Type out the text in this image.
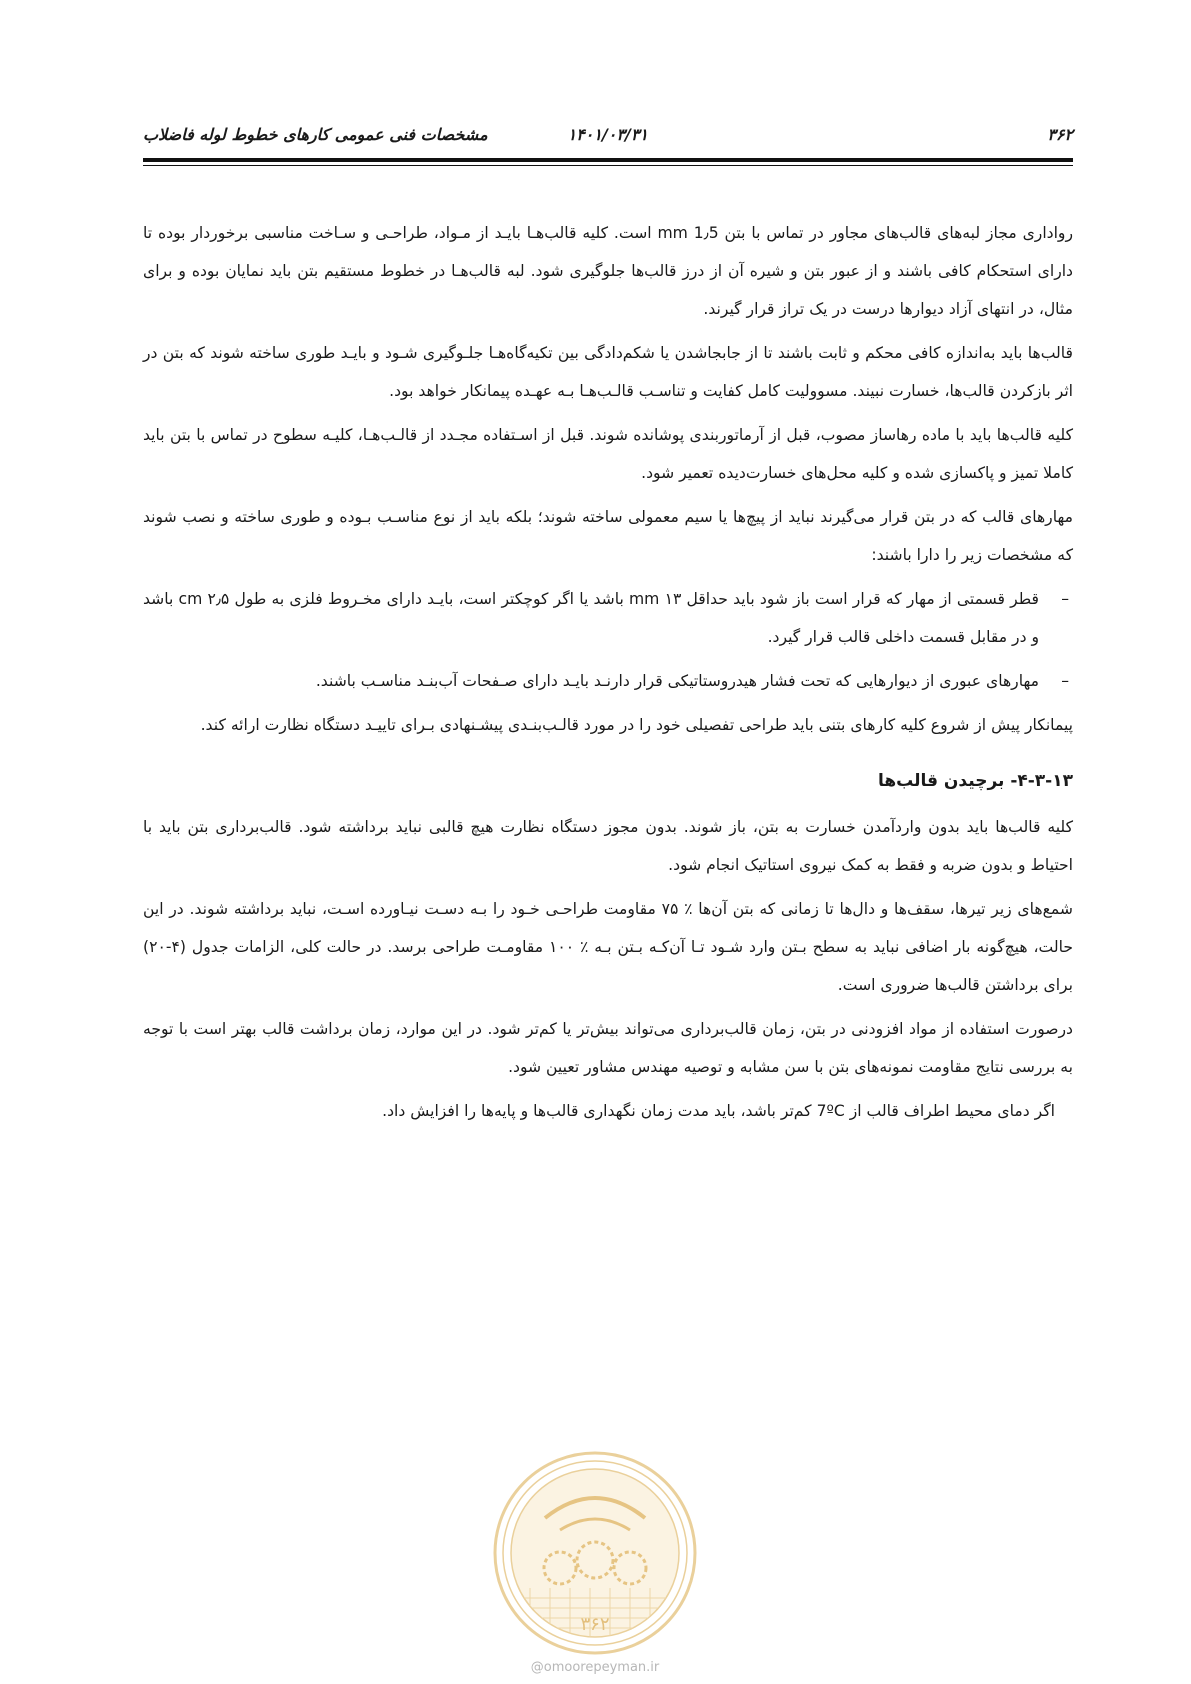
۳۶۲
۱۴۰۱/۰۳/۳۱
مشخصات فنی عمومی کارهای خطوط لوله فاضلاب

رواداری مجاز لبه‌های قالب‌های مجاور در تماس با بتن 1٫5 mm است. کلیه قالب‌هـا بایـد از مـواد، طراحـی و سـاخت مناسبی برخوردار بوده تا دارای استحکام کافی باشند و از عبور بتن و شیره آن از درز قالب‌ها جلوگیری شود. لبه قالب‌هـا در خطوط مستقیم بتن باید نمایان بوده و برای مثال، در انتهای آزاد دیوارها درست در یک تراز قرار گیرند.

قالب‌ها باید به‌اندازه کافی محکم و ثابت باشند تا از جابجاشدن یا شکم‌دادگی بین تکیه‌گاه‌هـا جلـوگیری شـود و بایـد طوری ساخته شوند که بتن در اثر بازکردن قالب‌ها، خسارت نبیند. مسوولیت کامل کفایت و تناسـب قالـب‌هـا بـه عهـده پیمانکار خواهد بود.

کلیه قالب‌ها باید با ماده رهاساز مصوب، قبل از آرماتوربندی پوشانده شوند. قبل از اسـتفاده مجـدد از قالـب‌هـا، کلیـه سطوح در تماس با بتن باید کاملا تمیز و پاکسازی شده و کلیه محل‌های خسارت‌دیده تعمیر شود.

مهارهای قالب که در بتن قرار می‌گیرند نباید از پیچ‌ها یا سیم معمولی ساخته شوند؛ بلکه باید از نوع مناسـب بـوده و طوری ساخته و نصب شوند که مشخصات زیر را دارا باشند:

–
قطر قسمتی از مهار که قرار است باز شود باید حداقل ۱۳ mm باشد یا اگر کوچکتر است، بایـد دارای مخـروط فلزی به طول ۲٫۵ cm باشد و در مقابل قسمت داخلی قالب قرار گیرد.
–
مهارهای عبوری از دیوارهایی که تحت فشار هیدروستاتیکی قرار دارنـد بایـد دارای صـفحات آب‌بنـد مناسـب باشند.

پیمانکار پیش از شروع کلیه کارهای بتنی باید طراحی تفصیلی خود را در مورد قالـب‌بنـدی پیشـنهادی بـرای تاییـد دستگاه نظارت ارائه کند.

۴-۳-۱۳- برچیدن قالب‌ها

کلیه قالب‌ها باید بدون واردآمدن خسارت به بتن، باز شوند. بدون مجوز دستگاه نظارت هیچ قالبی نباید برداشته شود. قالب‌برداری بتن باید با احتیاط و بدون ضربه و فقط به کمک نیروی استاتیک انجام شود.

شمع‌های زیر تیرها، سقف‌ها و دال‌ها تا زمانی که بتن آن‌ها ٪ ۷۵ مقاومت طراحـی خـود را بـه دسـت نیـاورده اسـت، نباید برداشته شوند. در این حالت، هیچ‌گونه بار اضافی نباید به سطح بـتن وارد شـود تـا آن‌کـه بـتن بـه ٪ ۱۰۰ مقاومـت طراحی برسد. در حالت کلی، الزامات جدول (۴-۲۰) برای برداشتن قالب‌ها ضروری است.

درصورت استفاده از مواد افزودنی در بتن، زمان قالب‌برداری می‌تواند بیش‌تر یا کم‌تر شود. در این موارد، زمان برداشت قالب بهتر است با توجه به بررسی نتایج مقاومت نمونه‌های بتن با سن مشابه و توصیه مهندس مشاور تعیین شود.

اگر دمای محیط اطراف قالب از 7ºC کم‌تر باشد، باید مدت زمان نگهداری قالب‌ها و پایه‌ها را افزایش داد.

۳۶۲
@omoorepeyman.ir
